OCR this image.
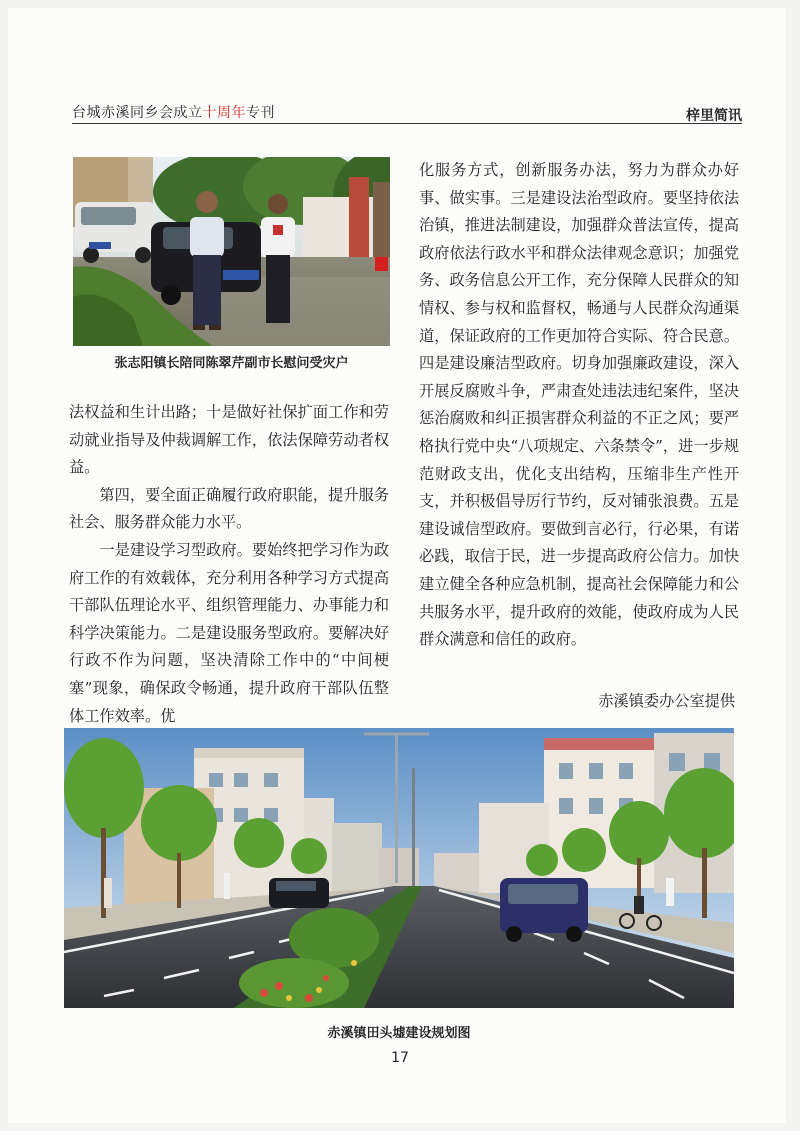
台城赤溪同乡会成立十周年专刊	梓里简讯
张志阳镇长陪同陈翠芹副市长慰问受灾户

法权益和生计出路；十是做好社保扩面工作和劳动就业指导及仲裁调解工作，依法保障劳动者权益。

第四，要全面正确履行政府职能，提升服务社会、服务群众能力水平。

一是建设学习型政府。要始终把学习作为政府工作的有效载体，充分利用各种学习方式提高干部队伍理论水平、组织管理能力、办事能力和科学决策能力。二是建设服务型政府。要解决好行政不作为问题，坚决清除工作中的“中间梗塞”现象，确保政令畅通，提升政府干部队伍整体工作效率。优

化服务方式，创新服务办法，努力为群众办好事、做实事。三是建设法治型政府。要坚持依法治镇，推进法制建设，加强群众普法宣传，提高政府依法行政水平和群众法律观念意识；加强党务、政务信息公开工作，充分保障人民群众的知情权、参与权和监督权，畅通与人民群众沟通渠道，保证政府的工作更加符合实际、符合民意。四是建设廉洁型政府。切身加强廉政建设，深入开展反腐败斗争，严肃查处违法违纪案件，坚决惩治腐败和纠正损害群众利益的不正之风；要严格执行党中央“八项规定、六条禁令”，进一步规范财政支出，优化支出结构，压缩非生产性开支，并积极倡导厉行节约，反对铺张浪费。五是建设诚信型政府。要做到言必行，行必果，有诺必践，取信于民，进一步提高政府公信力。加快建立健全各种应急机制，提高社会保障能力和公共服务水平，提升政府的效能，使政府成为人民群众满意和信任的政府。

赤溪镇委办公室提供
赤溪镇田头墟建设规划图
17
